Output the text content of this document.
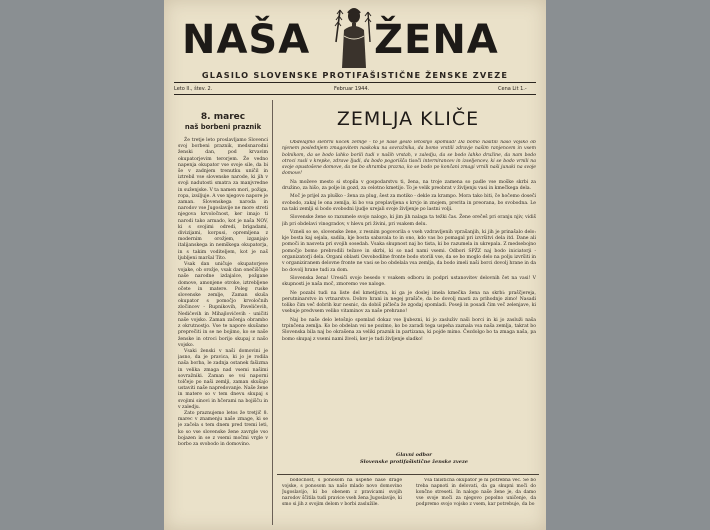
NAŠA ŽENA
GLASILO SLOVENSKE PROTIFAŠISTIČNE ŽENSKE ZVEZE
Leto II., štev. 2.	Februar 1944.	Cena Lit 1.-
8. marec
naš borbeni praznik

Že tretje leto proslavljamo Slovenci svoj borbeni praznik, medsnarodni ženski dan, pod krvavim okupatorjevim terorjem. Že vedno napenja okupator vse svoje sile, da bi še v zadnjem trenutku uničil in iztrebil vse slovenske narode, ki jih v svoji nadutosti smatra za manjvredne in suženjske. V ta namen mori, požiga, ropa, izsiljuje. A vse njegovo napore je zaman. Slovenskega naroda in narodov vse Jugoslavije ne more streti njegova krvoločnost, ker imajo ti narodi tako armado, kot je naša NOV, ki s svojimi odredi, brigadami, divizijami, korpusi, opremljena z modernim orožjem, izganjajo italijanskega in nemškega okupatorja, in s takim voditeljem, kot je naš ljubljeni maršal Tito.

Vsak dan uničuje okupatorjeve vojake, ob orožje, vsak dan onečiščuje naše narodne izdajalce, požgane domove, amonjene otroke, iztrebljene očete in matere. Poleg ruske slovenske zemlje, Zaman skuša okupator s pomočjo krvoločnih zločincev - Rupnikovih, Pavelićevih, Nedićevih in Mihajlovićevih - uničiti naše vojsko. Zaman začenja obrambo z okrutnostjo. Vse te napore skušamo preprečiti in se ne bojimo, ko se naše ženske in otroci borijo skupaj z našo vojsko.

Vsaki ženski v naši domovini je jasno, da je pravica, ki jo je rodila naša borba, le zadnja ostanek fašizma in velika zmaga nad vsemi našimi sovražniki. Zaman se vsi naporni tolčejo po naši zemlji, zaman skušajo ustaviti naše napredovanje. Naše žene in matere so v tem dnevu skupaj s svojimi sinovi in hčerami na bojišču in v zaledju.

Zato praznujemo letos že tretjič 8. marec v znamenju naše zmage, ki se je začela s tem dnem pred tremi leti, ko so vse slovenske žene zavrgle vso bojazen in se z vsemi močmi vrgle v borbo za svobodo in domovino.

ZEMLJA KLIČE

Obdelajmo slehrni koček zemlje - to je naše geslo letošnjo spomlad! Da bomo nasitili našo vojsko ob njenem poslednjem zmagovitem naskoku na sovražnika, da bomo vrstili zdravje našim ranjencem in vsem bolnikom, da se bodo lahko borili tudi v naših vrstah, v zaledju, da se bodo lahko družine, da nam bodo otroci rasli v krepke, zdrave ljudi, da bodo pogorišča tisoči internirancev in izseljencev, ki se bodo vrnili na svoje opustošene domove, da ne bo shramba prazna, ko se bodo po končani zmagi vrnili naši junaki na svoje domove!

Na moževe mesto si stopila v gospodarstvu ti, žena, na troje zamena so padle vse moške skrbi za družino, za hišo, za polje in gozd, za celotno kmetijo. To je velik preobrat v življenju vasi in kmečkega dela.

Moč je prijel za pluško - žena za plug, šest za motiko - dekle za krampo. Mora tako biti, če hočemo doseči svobodo, zakaj le ona zemlja, ki bo vsa preplavljena s krvjo in znojem, prerita in preorana, bo svobodna. Le na taki zemlji si bodo svobodni ljudje urejali svoje življenje po lastni volji.

Slovenske žene so razumele svojo nalogo, ki jim jih nalaga ta težki čas. Žene orečeš pri oranju njiv, vidiš jih pri obdelavi vinogradov, v hlevu pri živini, pri vsakem delu.

Vzneli so se, slovenske žene, z resnim pogovorila o vseh vzdravljenih vprašanjih, ki jih je prinašalo delo: kje bosta kaj sejala, sadila, kje bosta sabavala to in ono, kdo vas bo pomagal pri izvršitvi dela itd. Dane ali pomoči in nasveta pri svojih sosedah. Vsaka skupnost naj bo tista, ki bo razumela in ukrepala. Z medsebojno pomočjo bomo prebrodili težave in skrbi, ki so nad nami vsemi. Odbori SPŽZ naj bodo iniciatorji - organizatorji dela. Organi oblasti Osvobodilne fronte bodo storili vse, da se bo moglo delo na polju izvršiti in v organiziranem delovne fronte ne vasi se bo obdelala vsa zemlja, da bodo imeli naši borci dovolj hrane in da bo dovolj hrane tudi za dom.

Slovenska žena! Uresiči svojo besedo v vsakem odboru in podpri ustanovitev delovnih čet na vasi! V skupnosti je naša moč, zmoremo vse naloge.

Ne pozabi tudi na liste del kmetijstva, ki ga je doslej imela kmečka žena na skrbi: praščjereja, perutninarstvo in vrtnarstvo. Dobro hrani in negej prašiče, da bo dovolj masti za prihodnjo zimo! Nasadi toliko čim več dobrih kur nesnic, da dobiš pičleča že zgodaj spomladi. Poseji in posadi čim več zelenjave, ki vsebuje predvsem veliko vitaminov za naše prehrano!

Naj bo naše delo letošnjo spomlad dokaz vse ljubezni, ki jo zasluživ naši borci in ki jo zasluži naša trpinčena zemlja. Ko bo obdelan vsi ne pozimo, ko bo zaradi tega uspeha zaznala vsa naša zemlja, takrat bo Slovenska bila naj bo okrašena za veliki praznik in partizana, ki pojde mimo. Čezdolgo bo ta zmaga naša, pa bomo skupaj z vsemi nami živeli, ker je tudi življenje sladko!

Glavni odbor
Slovenske protifašistične ženske zveze

bodočnost, s ponosom na uspehe naše drage vojske, s ponosom na našo mlado novo domovino Jugoslavijo, ki bo obenem z pravicami svojih narodov ščitila tudi pravice vseh žena Jugoslavije, ki smo si jih z svojim delom v borbi zaslužile.

Vsa falistična okupator je ni potrebna več. Še bo treba napnoti in delovati, da ga skupni moči do končno streseti. In nalogo naše žene je, da damo vse svoje moči za njegovo popolno uničenje, da podpremo svojo vojsko z vsem, kar potrebuje, da bo
